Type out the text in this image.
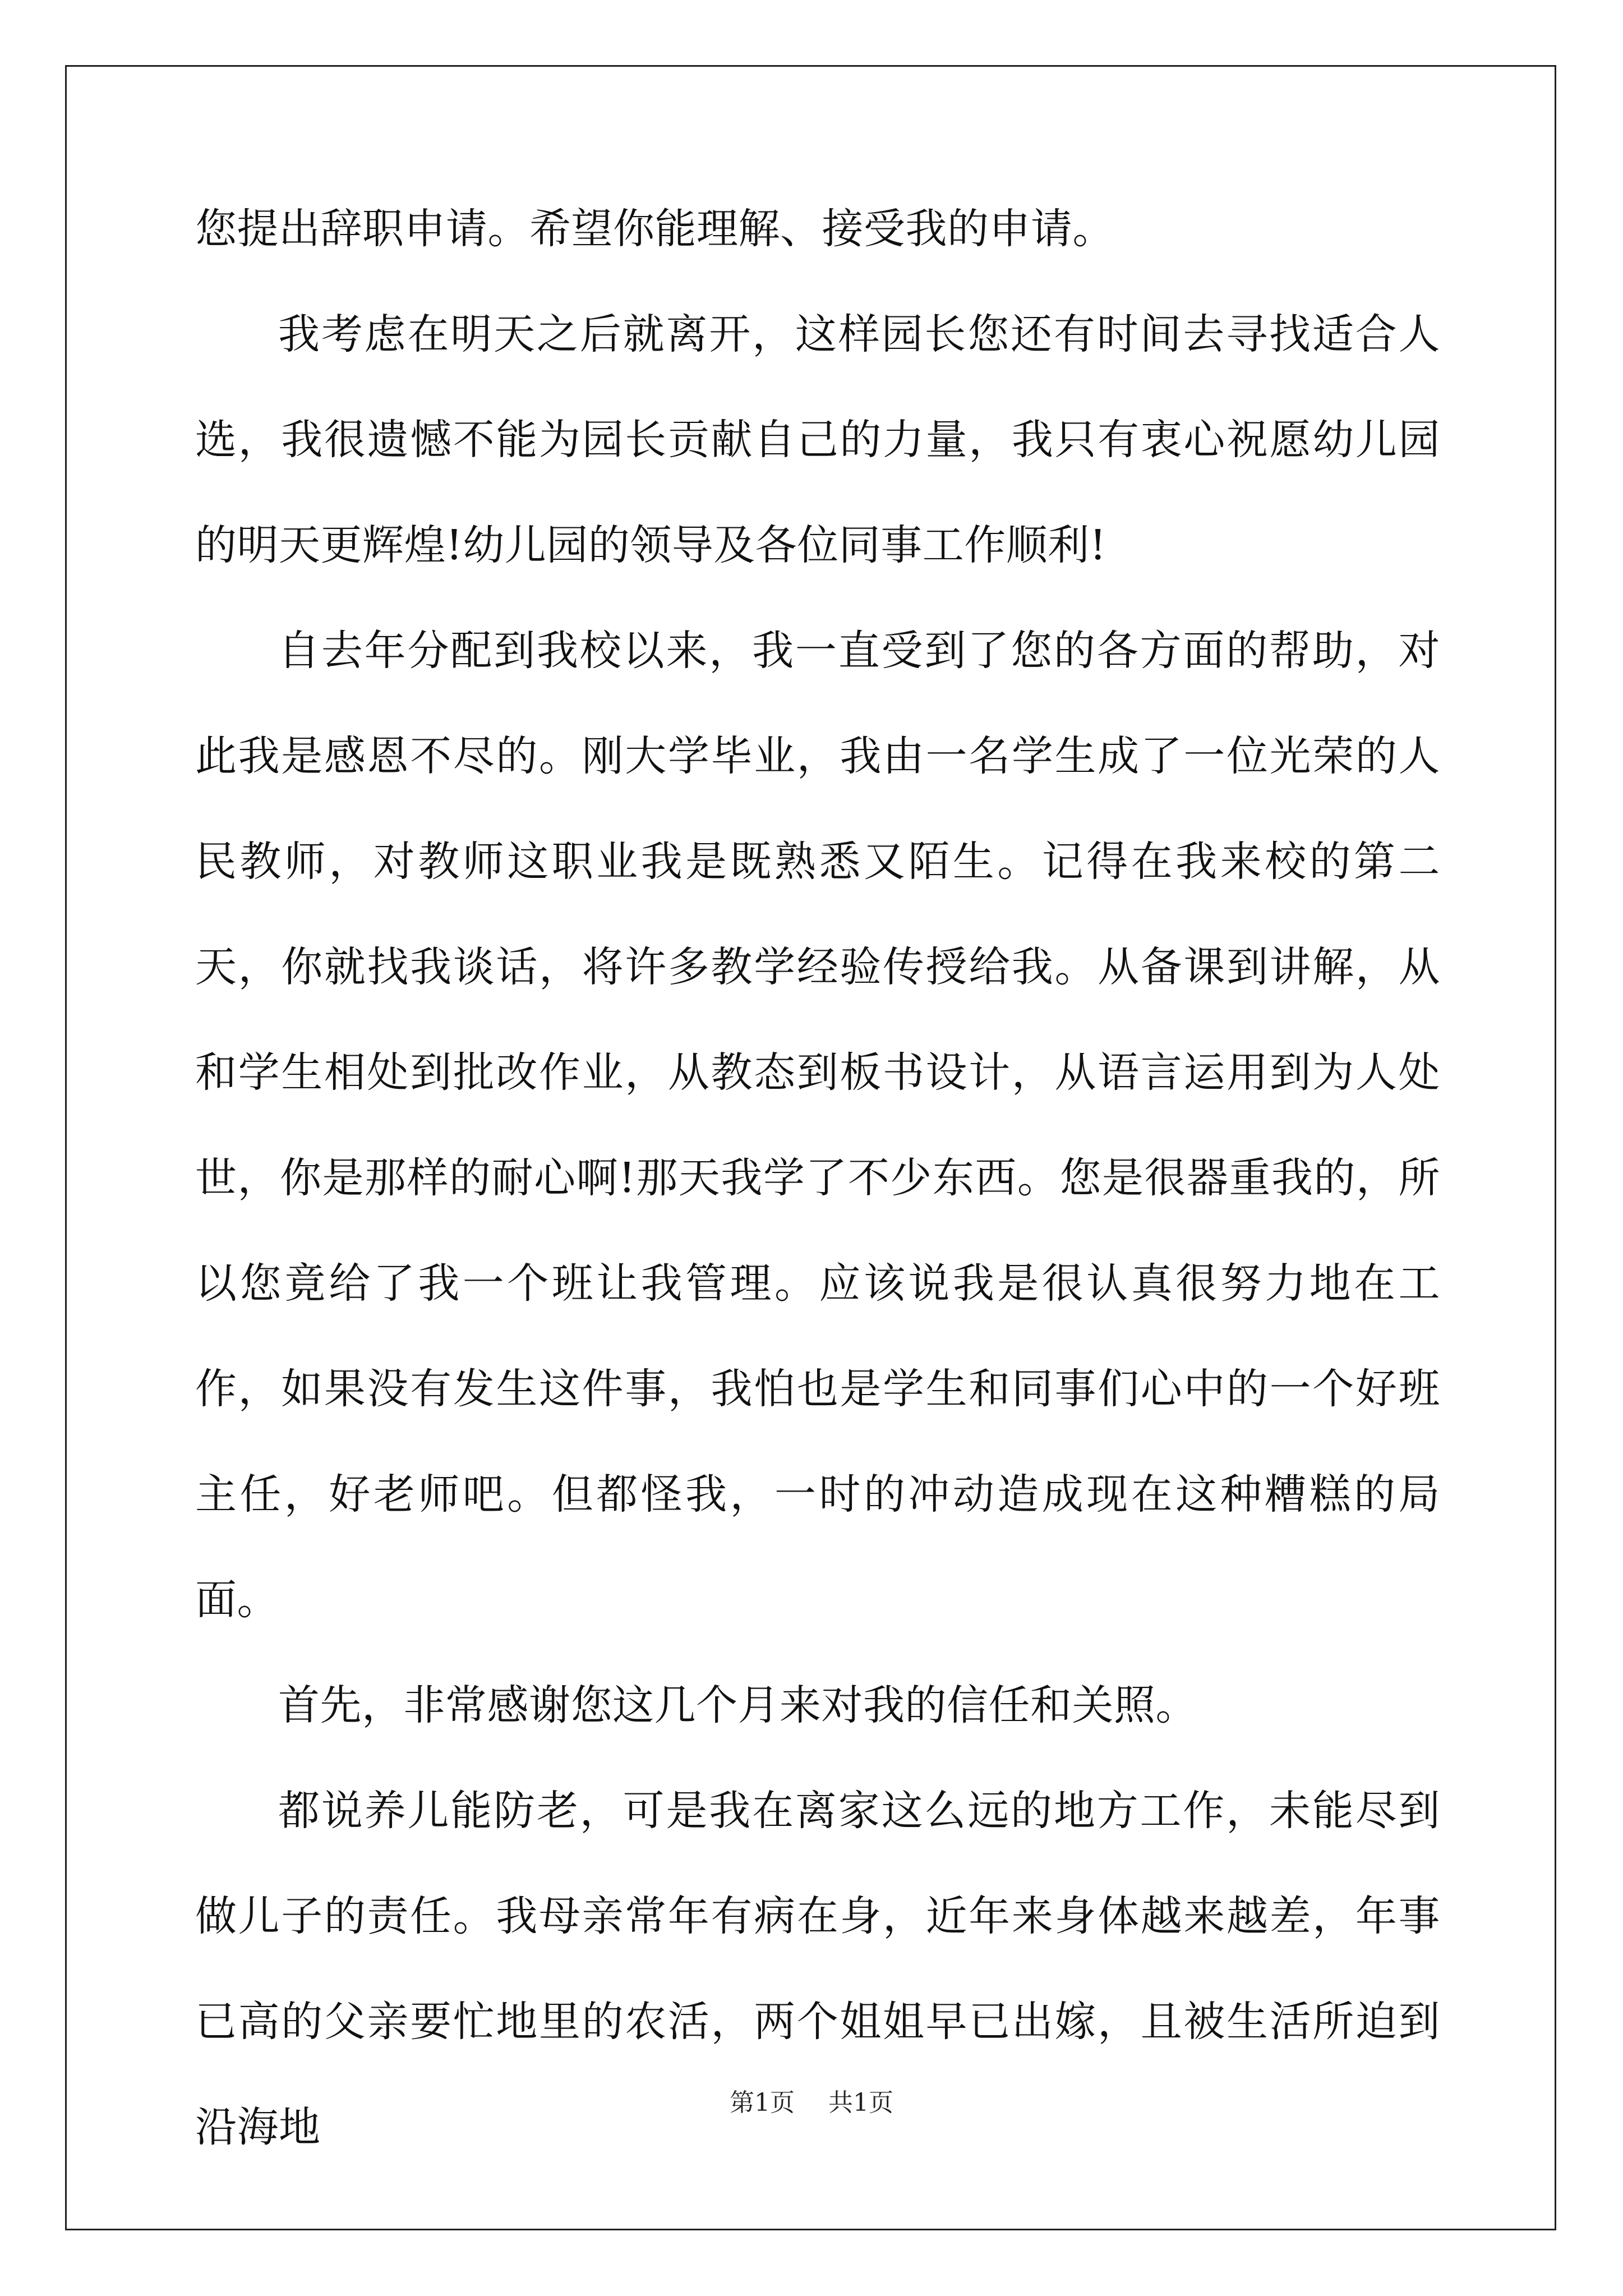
您提出辞职申请。希望你能理解、接受我的申请。

我考虑在明天之后就离开，这样园长您还有时间去寻找适合人选，我很遗憾不能为园长贡献自己的力量，我只有衷心祝愿幼儿园的明天更辉煌!幼儿园的领导及各位同事工作顺利!

自去年分配到我校以来，我一直受到了您的各方面的帮助，对此我是感恩不尽的。刚大学毕业，我由一名学生成了一位光荣的人民教师，对教师这职业我是既熟悉又陌生。记得在我来校的第二天，你就找我谈话，将许多教学经验传授给我。从备课到讲解，从和学生相处到批改作业，从教态到板书设计，从语言运用到为人处世，你是那样的耐心啊!那天我学了不少东西。您是很器重我的，所以您竟给了我一个班让我管理。应该说我是很认真很努力地在工作，如果没有发生这件事，我怕也是学生和同事们心中的一个好班主任，好老师吧。但都怪我，一时的冲动造成现在这种糟糕的局面。

首先，非常感谢您这几个月来对我的信任和关照。

都说养儿能防老，可是我在离家这么远的地方工作，未能尽到做儿子的责任。我母亲常年有病在身，近年来身体越来越差，年事已高的父亲要忙地里的农活，两个姐姐早已出嫁，且被生活所迫到沿海地

第1页 共1页
